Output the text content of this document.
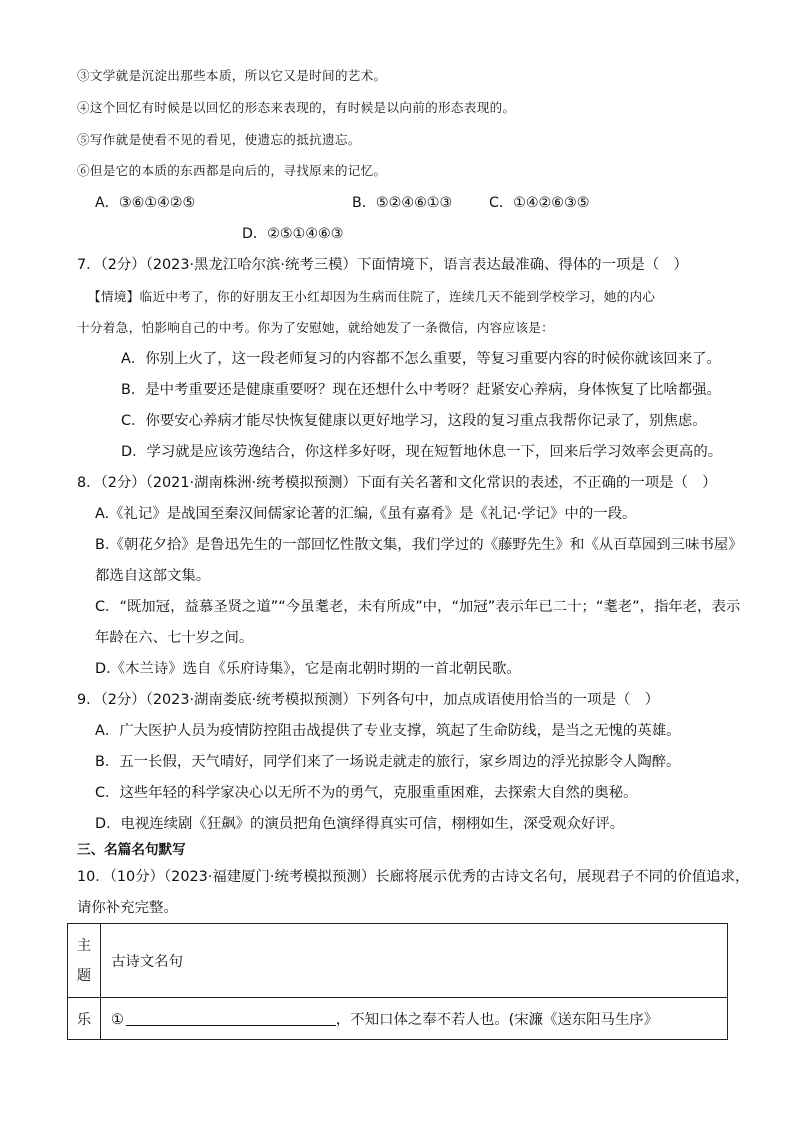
③文学就是沉淀出那些本质，所以它又是时间的艺术。
④这个回忆有时候是以回忆的形态来表现的，有时候是以向前的形态表现的。
⑤写作就是使看不见的看见，使遗忘的抵抗遗忘。
⑥但是它的本质的东西都是向后的，寻找原来的记忆。
A．③⑥①④②⑤	B．⑤②④⑥①③	C．①④②⑥③⑤
D．②⑤①④⑥③
7．（2分）（2023·黑龙江哈尔滨·统考三模）下面情境下，语言表达最准确、得体的一项是（　）
【情境】临近中考了，你的好朋友王小红却因为生病而住院了，连续几天不能到学校学习，她的内心
十分着急，怕影响自己的中考。你为了安慰她，就给她发了一条微信，内容应该是：
A．你别上火了，这一段老师复习的内容都不怎么重要，等复习重要内容的时候你就该回来了。
B．是中考重要还是健康重要呀？现在还想什么中考呀？赶紧安心养病，身体恢复了比啥都强。
C．你要安心养病才能尽快恢复健康以更好地学习，这段的复习重点我帮你记录了，别焦虑。
D．学习就是应该劳逸结合，你这样多好呀，现在短暂地休息一下，回来后学习效率会更高的。
8．（2分）（2021·湖南株洲·统考模拟预测）下面有关名著和文化常识的表述，不正确的一项是（　）
A.《礼记》是战国至秦汉间儒家论著的汇编,《虽有嘉肴》是《礼记·学记》中的一段。
B.《朝花夕拾》是鲁迅先生的一部回忆性散文集，我们学过的《藤野先生》和《从百草园到三味书屋》
都选自这部文集。
C．“既加冠，益慕圣贤之道”“今虽耄老，未有所成”中，“加冠”表示年已二十；“耄老”，指年老，表示
年龄在六、七十岁之间。
D.《木兰诗》选自《乐府诗集》，它是南北朝时期的一首北朝民歌。
9．（2分）（2023·湖南娄底·统考模拟预测）下列各句中，加点成语使用恰当的一项是（　）
A．广大医护人员为疫情防控阻击战提供了专业支撑，筑起了生命防线，是当之无愧的英雄。
B．五一长假，天气晴好，同学们来了一场说走就走的旅行，家乡周边的浮光掠影令人陶醉。
C．这些年轻的科学家决心以无所不为的勇气，克服重重困难，去探索大自然的奥秘。
D．电视连续剧《狂飙》的演员把角色演绎得真实可信，栩栩如生，深受观众好评。
三、名篇名句默写
10．（10分）（2023·福建厦门·统考模拟预测）长廊将展示优秀的古诗文名句，展现君子不同的价值追求，
请你补充完整。
主
题	古诗文名句
乐	① ，不知口体之奉不若人也。(宋濂《送东阳马生序》
